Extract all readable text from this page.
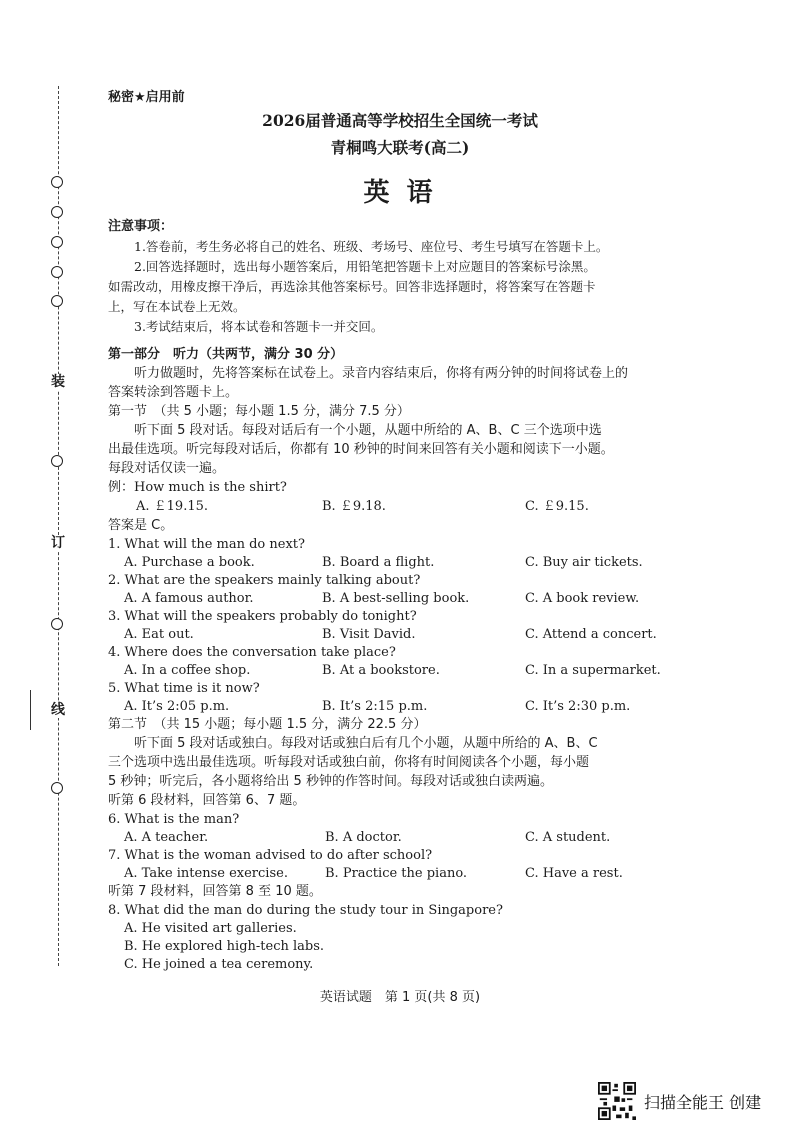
装
订
线
秘密★启用前
2026届普通高等学校招生全国统一考试
青桐鸣大联考(高二)
英 语
注意事项：
1.答卷前，考生务必将自己的姓名、班级、考场号、座位号、考生号填写在答题卡上。
2.回答选择题时，选出每小题答案后，用铅笔把答题卡上对应题目的答案标号涂黑。
如需改动，用橡皮擦干净后，再选涂其他答案标号。回答非选择题时，将答案写在答题卡
上，写在本试卷上无效。
3.考试结束后，将本试卷和答题卡一并交回。
第一部分　听力（共两节，满分 30 分）
听力做题时，先将答案标在试卷上。录音内容结束后，你将有两分钟的时间将试卷上的
答案转涂到答题卡上。
第一节　（共 5 小题；每小题 1.5 分，满分 7.5 分）
听下面 5 段对话。每段对话后有一个小题，从题中所给的 A、B、C 三个选项中选
出最佳选项。听完每段对话后，你都有 10 秒钟的时间来回答有关小题和阅读下一小题。
每段对话仅读一遍。
例：How much is the shirt?
A. ￡19.15.	B. ￡9.18.	C. ￡9.15.
答案是 C。
1. What will the man do next?
A. Purchase a book.	B. Board a flight.	C. Buy air tickets.
2. What are the speakers mainly talking about?
A. A famous author.	B. A best-selling book.	C. A book review.
3. What will the speakers probably do tonight?
A. Eat out.	B. Visit David.	C. Attend a concert.
4. Where does the conversation take place?
A. In a coffee shop.	B. At a bookstore.	C. In a supermarket.
5. What time is it now?
A. It’s 2:05 p.m.	B. It’s 2:15 p.m.	C. It’s 2:30 p.m.
第二节　（共 15 小题；每小题 1.5 分，满分 22.5 分）
听下面 5 段对话或独白。每段对话或独白后有几个小题，从题中所给的 A、B、C
三个选项中选出最佳选项。听每段对话或独白前，你将有时间阅读各个小题，每小题
5 秒钟；听完后，各小题将给出 5 秒钟的作答时间。每段对话或独白读两遍。
听第 6 段材料，回答第 6、7 题。
6. What is the man?
A. A teacher.	B. A doctor.	C. A student.
7. What is the woman advised to do after school?
A. Take intense exercise.	B. Practice the piano.	C. Have a rest.
听第 7 段材料，回答第 8 至 10 题。
8. What did the man do during the study tour in Singapore?
A. He visited art galleries.
B. He explored high-tech labs.
C. He joined a tea ceremony.
英语试题　第 1 页(共 8 页)
扫描全能王 创建
